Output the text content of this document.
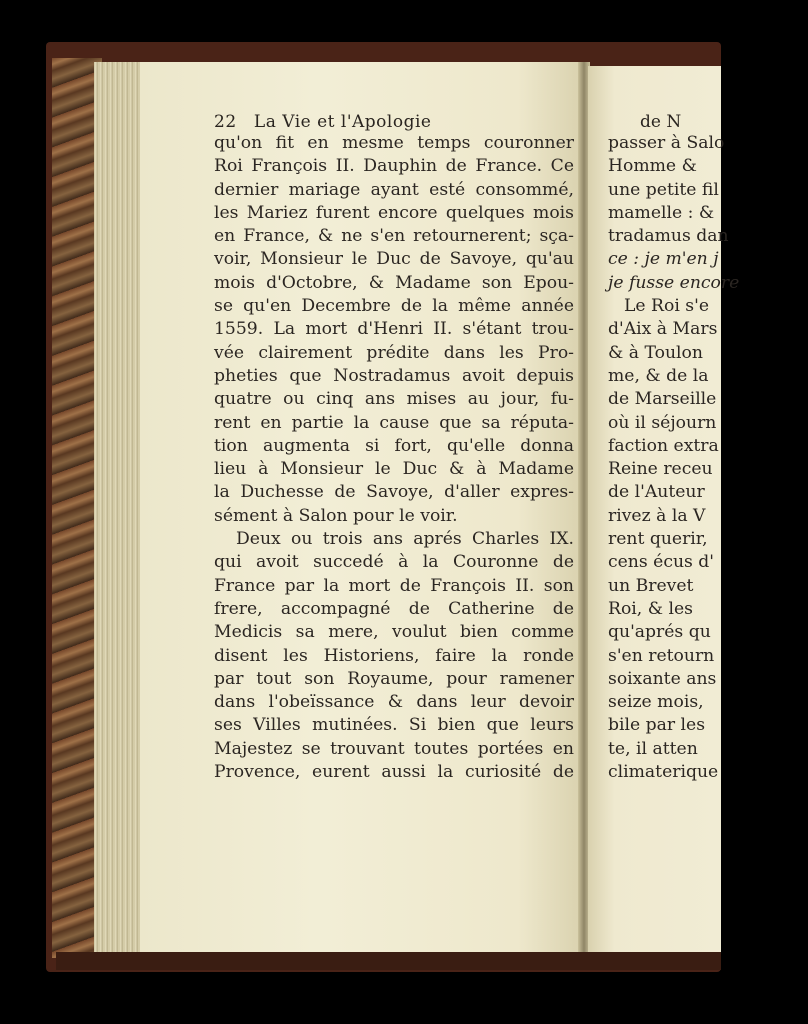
22 La Vie et l'Apologie
qu'on fit en mesme temps couronner
Roi François II. Dauphin de France. Ce
dernier mariage ayant esté consommé,
les Mariez furent encore quelques mois
en France, & ne s'en retournerent; sça-
voir, Monsieur le Duc de Savoye, qu'au
mois d'Octobre, & Madame son Epou-
se qu'en Decembre de la même année
1559. La mort d'Henri II. s'étant trou-
vée clairement prédite dans les Pro-
pheties que Nostradamus avoit depuis
quatre ou cinq ans mises au jour, fu-
rent en partie la cause que sa réputa-
tion augmenta si fort, qu'elle donna
lieu à Monsieur le Duc & à Madame
la Duchesse de Savoye, d'aller expres-
sément à Salon pour le voir.
Deux ou trois ans aprés Charles IX.
qui avoit succedé à la Couronne de
France par la mort de François II. son
frere, accompagné de Catherine de
Medicis sa mere, voulut bien comme
disent les Historiens, faire la ronde
par tout son Royaume, pour ramener
dans l'obeïssance & dans leur devoir
ses Villes mutinées. Si bien que leurs
Majestez se trouvant toutes portées en
Provence, eurent aussi la curiosité de
de N
passer à Salo
Homme &
une petite fil
mamelle : &
tradamus dan
ce : je m'en j
je fusse encore
Le Roi s'e
d'Aix à Mars
& à Toulon
me, & de la
de Marseille
où il séjourn
faction extra
Reine receu
de l'Auteur
rivez à la V
rent querir,
cens écus d'
un Brevet
Roi, & les
qu'aprés qu
s'en retourn
soixante ans
seize mois,
bile par les
te, il atten
climaterique
